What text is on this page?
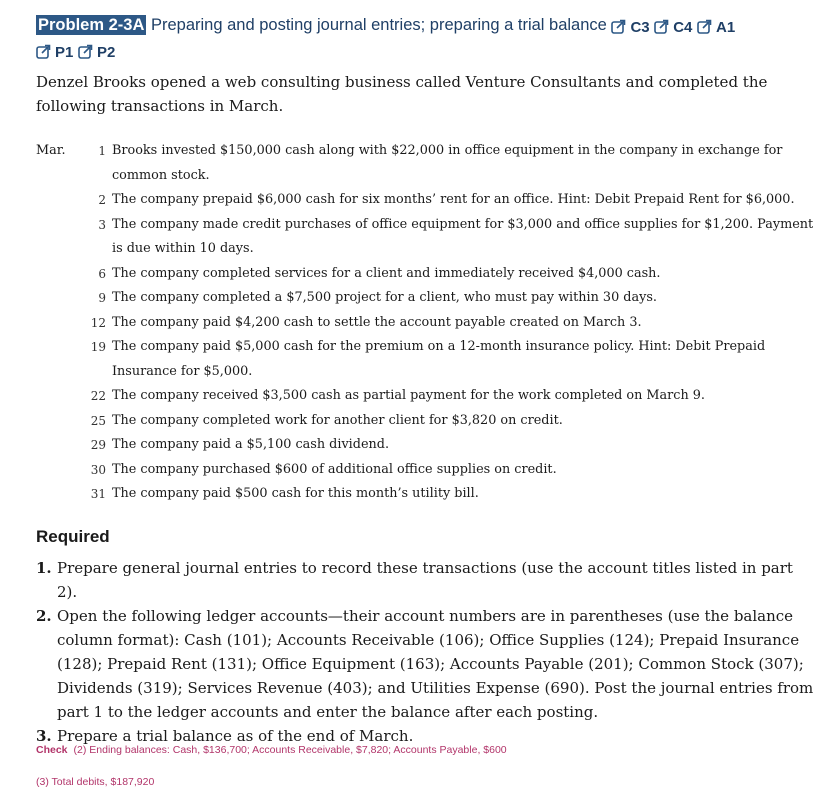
Problem 2-3A Preparing and posting journal entries; preparing a trial balance C3 C4 A1

P1 P2
Denzel Brooks opened a web consulting business called Venture Consultants and completed the following transactions in March.
Mar.	1 Brooks invested $150,000 cash along with $22,000 in office equipment in the company in exchange for common stock.
2 The company prepaid $6,000 cash for six months’ rent for an office. Hint: Debit Prepaid Rent for $6,000.
3 The company made credit purchases of office equipment for $3,000 and office supplies for $1,200. Payment is due within 10 days.
6 The company completed services for a client and immediately received $4,000 cash.
9 The company completed a $7,500 project for a client, who must pay within 30 days.
12 The company paid $4,200 cash to settle the account payable created on March 3.
19 The company paid $5,000 cash for the premium on a 12-month insurance policy. Hint: Debit Prepaid Insurance for $5,000.
22 The company received $3,500 cash as partial payment for the work completed on March 9.
25 The company completed work for another client for $3,820 on credit.
29 The company paid a $5,100 cash dividend.
30 The company purchased $600 of additional office supplies on credit.
31 The company paid $500 cash for this month’s utility bill.
Required
1. Prepare general journal entries to record these transactions (use the account titles listed in part 2).
2. Open the following ledger accounts—their account numbers are in parentheses (use the balance column format): Cash (101); Accounts Receivable (106); Office Supplies (124); Prepaid Insurance (128); Prepaid Rent (131); Office Equipment (163); Accounts Payable (201); Common Stock (307); Dividends (319); Services Revenue (403); and Utilities Expense (690). Post the journal entries from part 1 to the ledger accounts and enter the balance after each posting.
3. Prepare a trial balance as of the end of March.
Check (2) Ending balances: Cash, $136,700; Accounts Receivable, $7,820; Accounts Payable, $600
(3) Total debits, $187,920
